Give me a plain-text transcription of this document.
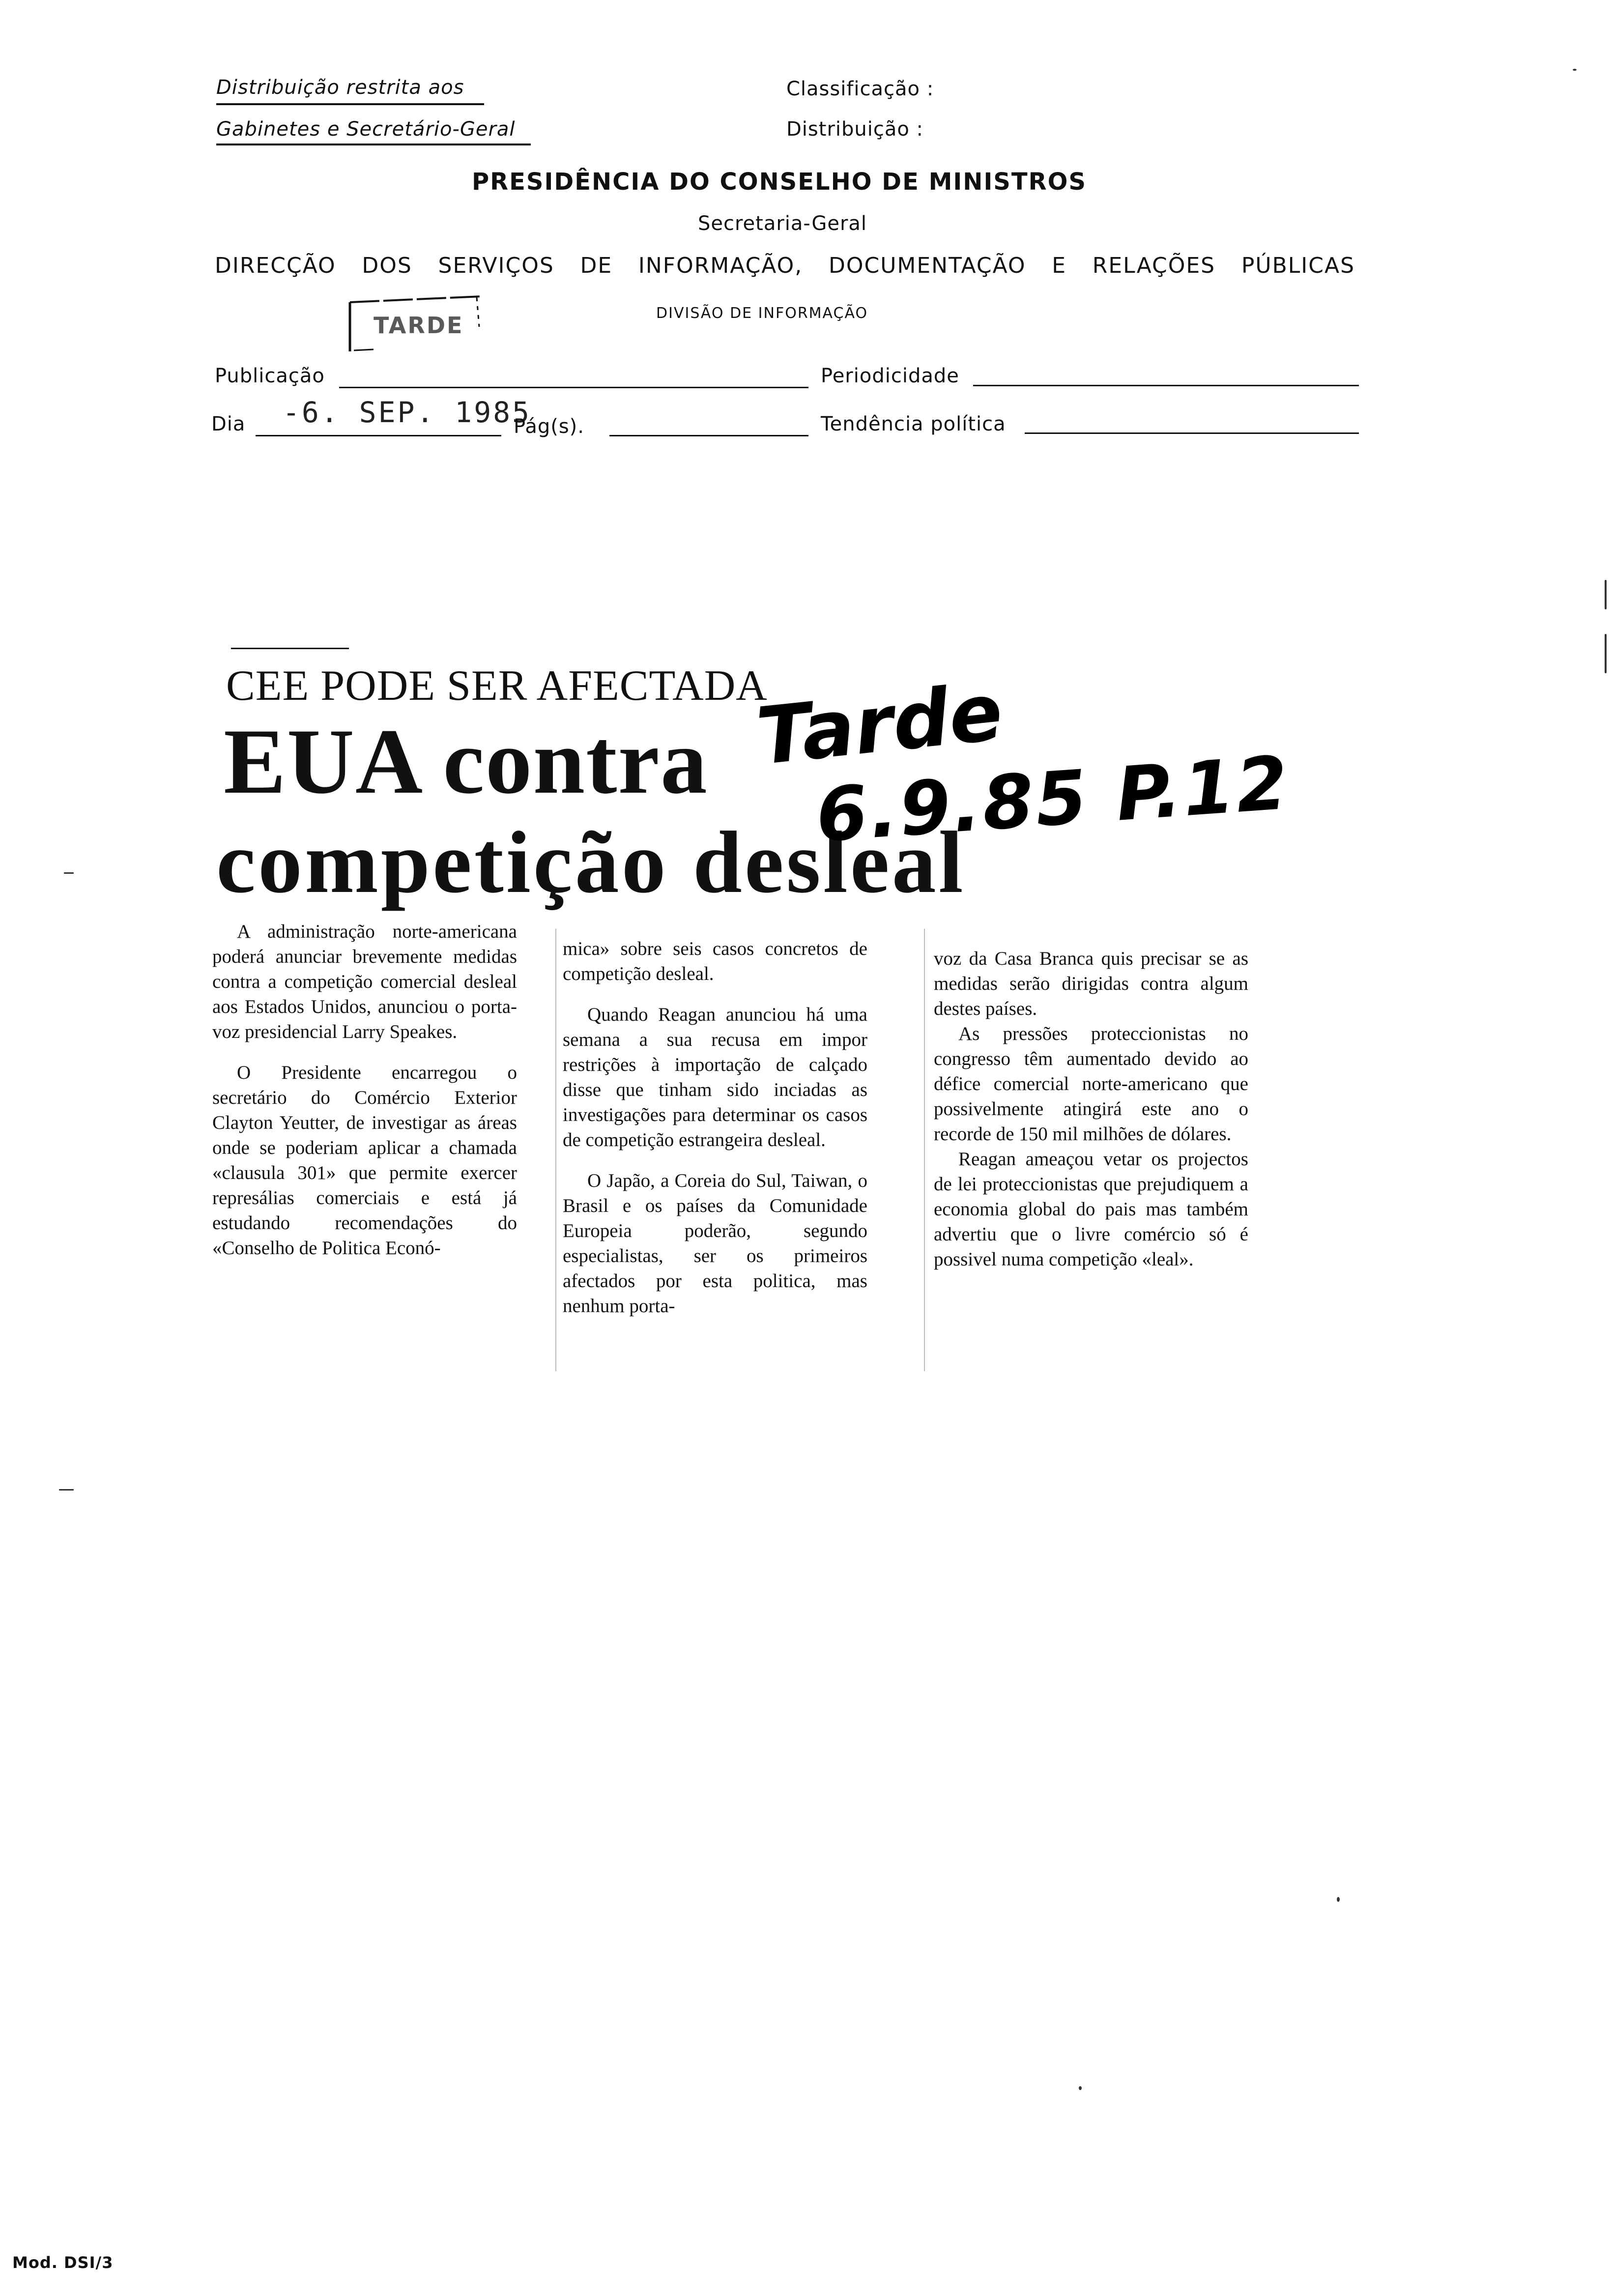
Distribuição restrita aos
Gabinetes e Secretário-Geral
Classificação :
Distribuição :
PRESIDÊNCIA DO CONSELHO DE MINISTROS
Secretaria-Geral
DIRECÇÃO DOS SERVIÇOS DE INFORMAÇÃO, DOCUMENTAÇÃO E RELAÇÕES PÚBLICAS
TARDE	DIVISÃO DE INFORMAÇÃO
Publicação	Periodicidade
Dia -6. SEP. 1985
Pág(s).	Tendência política
CEE PODE SER AFECTADA
EUA contra
competição desleal
Tarde
6.9.85 P.12

A administração norte-americana poderá anunciar brevemente medidas contra a competição comercial desleal aos Estados Unidos, anunciou o porta-voz presidencial Larry Speakes.

O Presidente encarregou o secretário do Comércio Exterior Clayton Yeutter, de investigar as áreas onde se poderiam aplicar a chamada «clausula 301» que permite exercer represálias comerciais e está já estudando recomendações do «Conselho de Politica Econó-

mica» sobre seis casos concretos de competição desleal.

Quando Reagan anunciou há uma semana a sua recusa em impor restrições à importação de calçado disse que tinham sido inciadas as investigações para determinar os casos de competição estrangeira desleal.

O Japão, a Coreia do Sul, Taiwan, o Brasil e os países da Comunidade Europeia poderão, segundo especialistas, ser os primeiros afectados por esta politica, mas nenhum porta-

voz da Casa Branca quis precisar se as medidas serão dirigidas contra algum destes países.

As pressões proteccionistas no congresso têm aumentado devido ao défice comercial norte-americano que possivelmente atingirá este ano o recorde de 150 mil milhões de dólares.

Reagan ameaçou vetar os projectos de lei proteccionistas que prejudiquem a economia global do pais mas também advertiu que o livre comércio só é possivel numa competição «leal».

Mod. DSI/3
